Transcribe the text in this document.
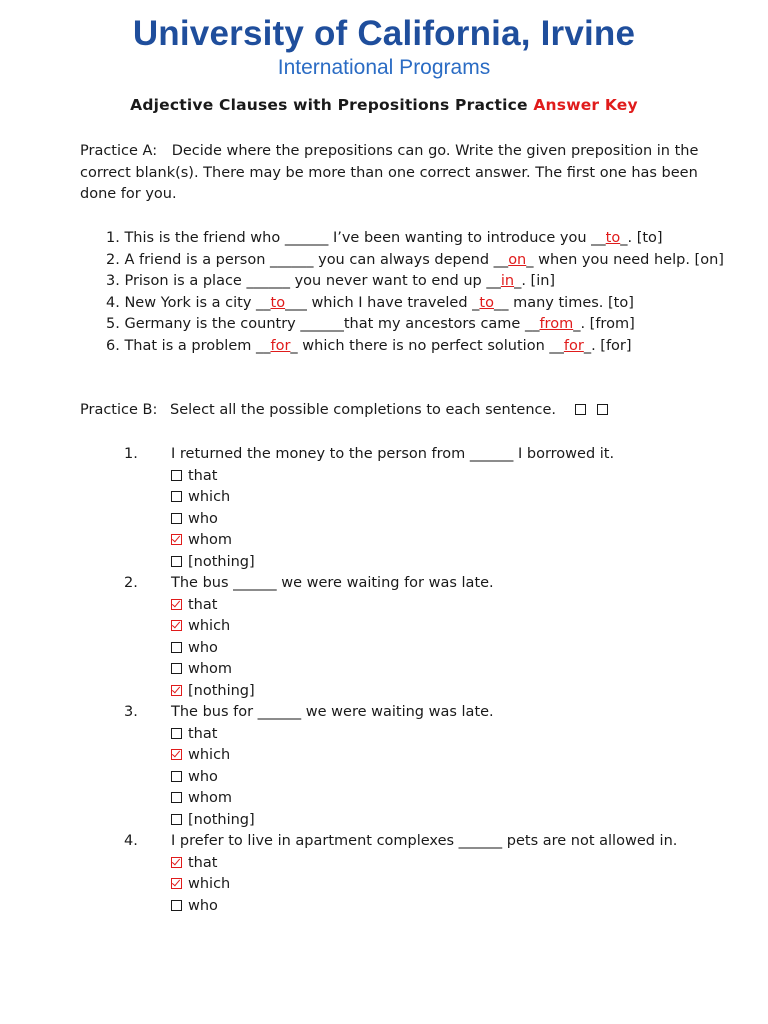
University of California, Irvine
International Programs
Adjective Clauses with Prepositions Practice Answer Key
Practice A: Decide where the prepositions can go. Write the given preposition in the correct blank(s). There may be more than one correct answer. The first one has been done for you.
1. This is the friend who ______ I’ve been wanting to introduce you __to_. [to]
2. A friend is a person ______ you can always depend __on_ when you need help. [on]
3. Prison is a place ______ you never want to end up __in_. [in]
4. New York is a city __to___ which I have traveled _to__ many times. [to]
5. Germany is the country ______that my ancestors came __from_. [from]
6. That is a problem __for_ which there is no perfect solution __for_. [for]
Practice B: Select all the possible completions to each sentence.
1. I returned the money to the person from ______ I borrowed it.
that
which
who
whom
[nothing]
2. The bus ______ we were waiting for was late.
that
which
who
whom
[nothing]
3. The bus for ______ we were waiting was late.
that
which
who
whom
[nothing]
4. I prefer to live in apartment complexes ______ pets are not allowed in.
that
which
who
